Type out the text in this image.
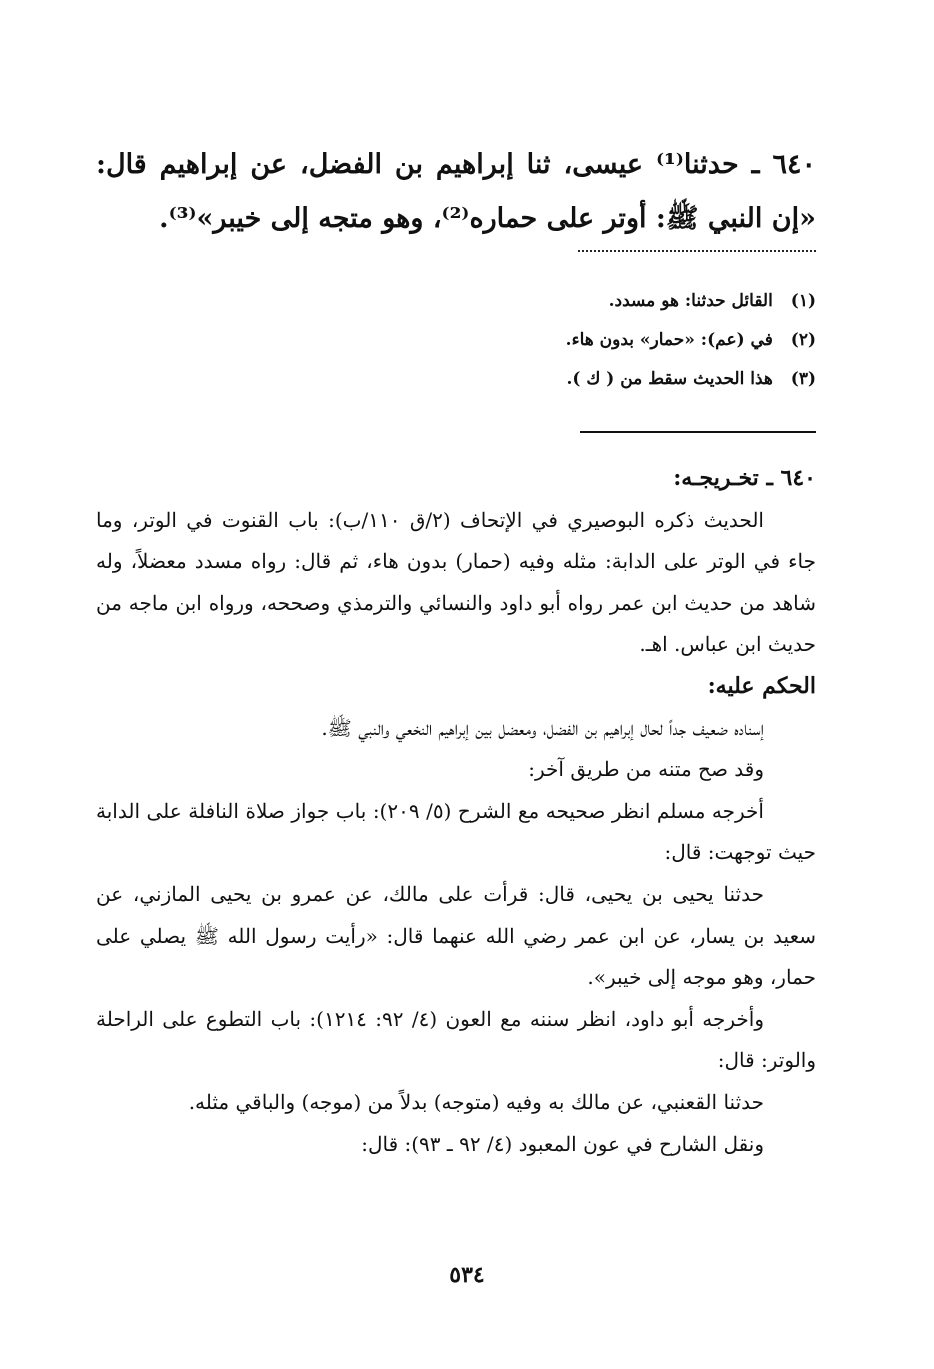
٦٤٠ ـ حدثنا⁽¹⁾ عيسى، ثنا إبراهيم بن الفضل، عن إبراهيم قال: «إن النبي ﷺ: أوتر على حماره⁽²⁾، وهو متجه إلى خيبر»⁽³⁾.

(١) القائل حدثنا: هو مسدد.
(٢) في (عم): «حمار» بدون هاء.
(٣) هذا الحديث سقط من ( ك ).

٦٤٠ ـ تخـريجـه:

الحديث ذكره البوصيري في الإتحاف (٢/ق ١١٠/ب): باب القنوت في الوتر، وما جاء في الوتر على الدابة: مثله وفيه (حمار) بدون هاء، ثم قال: رواه مسدد معضلاً، وله شاهد من حديث ابن عمر رواه أبو داود والنسائي والترمذي وصححه، ورواه ابن ماجه من حديث ابن عباس. اهـ.

الحكم عليه:

إسناده ضعيف جداً لحال إبراهيم بن الفضل، ومعضل بين إبراهيم النخعي والنبي ﷺ.

وقد صح متنه من طريق آخر:

أخرجه مسلم انظر صحيحه مع الشرح (٥/ ٢٠٩): باب جواز صلاة النافلة على الدابة حيث توجهت: قال:

حدثنا يحيى بن يحيى، قال: قرأت على مالك، عن عمرو بن يحيى المازني، عن سعيد بن يسار، عن ابن عمر رضي الله عنهما قال: «رأيت رسول الله ﷺ يصلي على حمار، وهو موجه إلى خيبر».

وأخرجه أبو داود، انظر سننه مع العون (٤/ ٩٢: ١٢١٤): باب التطوع على الراحلة والوتر: قال:

حدثنا القعنبي، عن مالك به وفيه (متوجه) بدلاً من (موجه) والباقي مثله.

ونقل الشارح في عون المعبود (٤/ ٩٢ ـ ٩٣): قال:

٥٣٤
